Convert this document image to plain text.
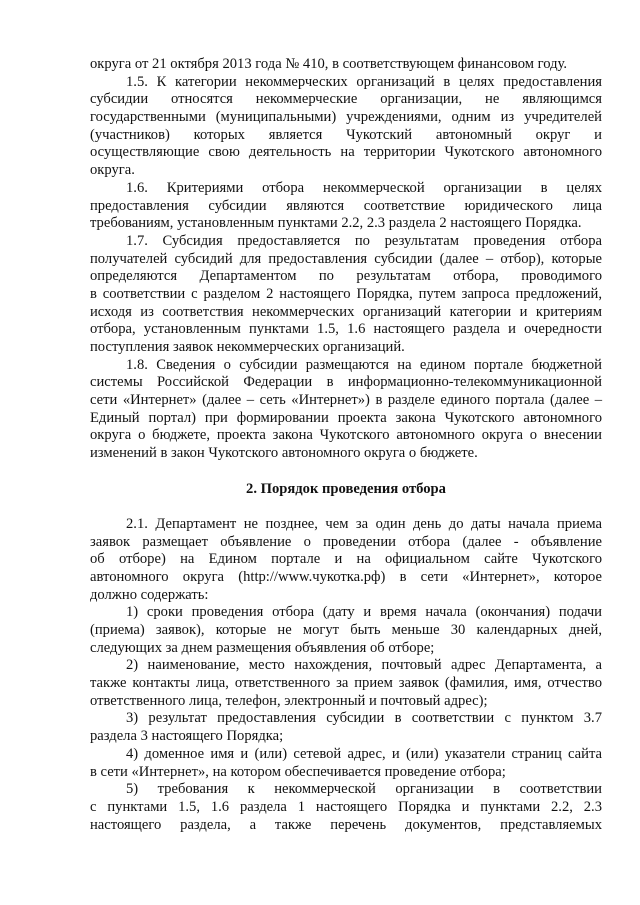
округа от 21 октября 2013 года № 410, в соответствующем финансовом году.
1.5. К категории некоммерческих организаций в целях предоставления
субсидии относятся некоммерческие организации, не являющимся
государственными (муниципальными) учреждениями, одним из учредителей
(участников) которых является Чукотский автономный округ и
осуществляющие свою деятельность на территории Чукотского автономного
округа.
1.6. Критериями отбора некоммерческой организации в целях
предоставления субсидии являются соответствие юридического лица
требованиям, установленным пунктами 2.2, 2.3 раздела 2 настоящего Порядка.
1.7. Субсидия предоставляется по результатам проведения отбора
получателей субсидий для предоставления субсидии (далее – отбор), которые
определяются Департаментом по результатам отбора, проводимого
в соответствии с разделом 2 настоящего Порядка, путем запроса предложений,
исходя из соответствия некоммерческих организаций категории и критериям
отбора, установленным пунктами 1.5, 1.6 настоящего раздела и очередности
поступления заявок некоммерческих организаций.
1.8. Сведения о субсидии размещаются на едином портале бюджетной
системы Российской Федерации в информационно-телекоммуникационной
сети «Интернет» (далее – сеть «Интернет») в разделе единого портала (далее –
Единый портал) при формировании проекта закона Чукотского автономного
округа о бюджете, проекта закона Чукотского автономного округа о внесении
изменений в закон Чукотского автономного округа о бюджете.
2. Порядок проведения отбора
2.1. Департамент не позднее, чем за один день до даты начала приема
заявок размещает объявление о проведении отбора (далее - объявление
об отборе) на Едином портале и на официальном сайте Чукотского
автономного округа (http://www.чукотка.рф) в сети «Интернет», которое
должно содержать:
1) сроки проведения отбора (дату и время начала (окончания) подачи
(приема) заявок), которые не могут быть меньше 30 календарных дней,
следующих за днем размещения объявления об отборе;
2) наименование, место нахождения, почтовый адрес Департамента, а
также контакты лица, ответственного за прием заявок (фамилия, имя, отчество
ответственного лица, телефон, электронный и почтовый адрес);
3) результат предоставления субсидии в соответствии с пунктом 3.7
раздела 3 настоящего Порядка;
4) доменное имя и (или) сетевой адрес, и (или) указатели страниц сайта
в сети «Интернет», на котором обеспечивается проведение отбора;
5) требования к некоммерческой организации в соответствии
с пунктами 1.5, 1.6 раздела 1 настоящего Порядка и пунктами 2.2, 2.3
настоящего раздела, а также перечень документов, представляемых
